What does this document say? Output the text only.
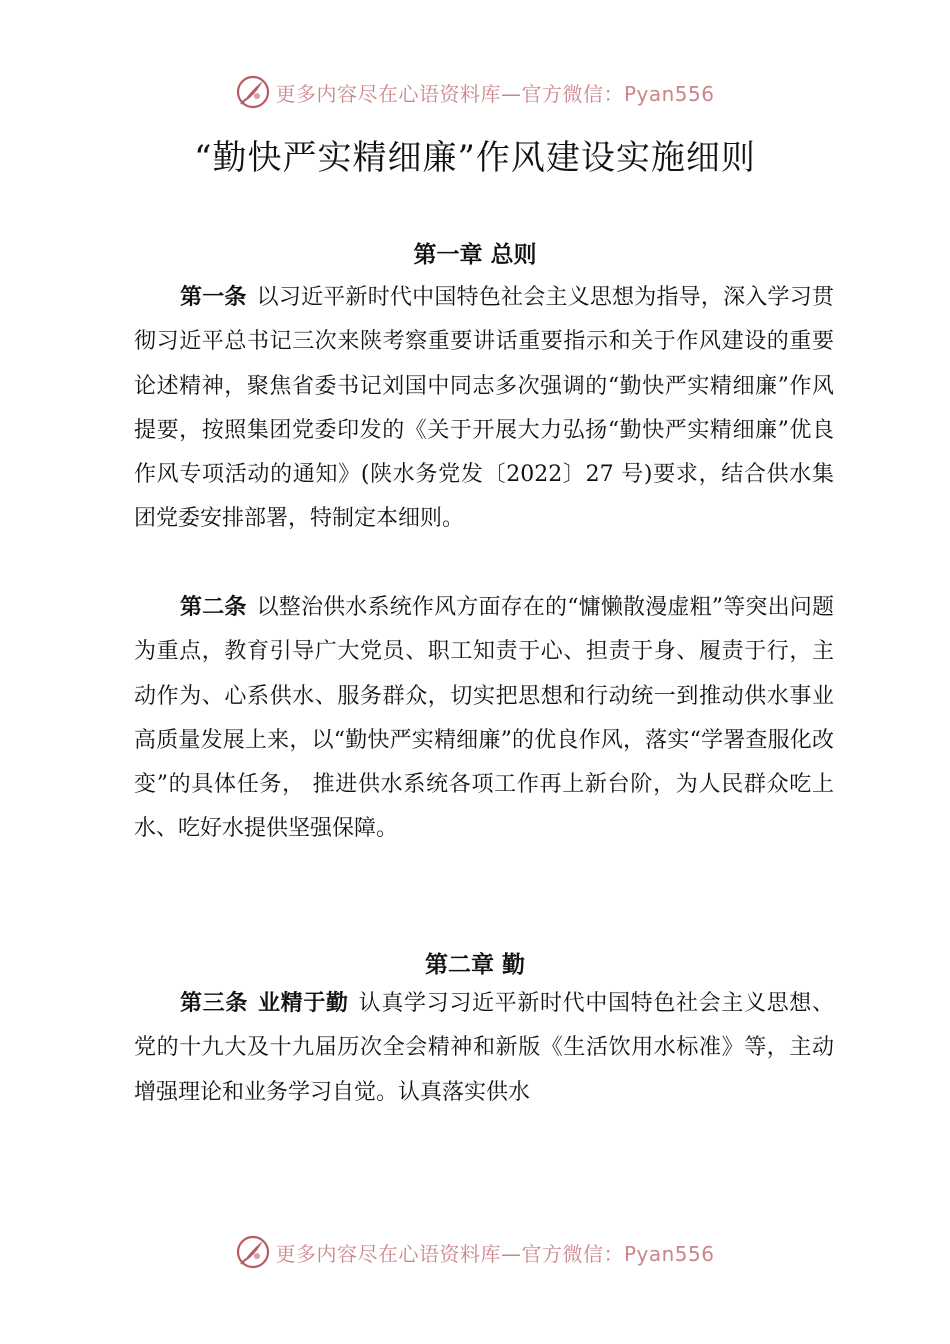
更多内容尽在心语资料库—官方微信：Pyan556
“勤快严实精细廉”作风建设实施细则
第一章 总则

第一条 以习近平新时代中国特色社会主义思想为指导，深入学习贯彻习近平总书记三次来陕考察重要讲话重要指示和关于作风建设的重要论述精神，聚焦省委书记刘国中同志多次强调的“勤快严实精细廉”作风提要，按照集团党委印发的《关于开展大力弘扬“勤快严实精细廉”优良作风专项活动的通知》(陕水务党发〔2022〕27 号)要求，结合供水集团党委安排部署，特制定本细则。

第二条 以整治供水系统作风方面存在的“慵懒散漫虚粗”等突出问题为重点，教育引导广大党员、职工知责于心、担责于身、履责于行，主动作为、心系供水、服务群众，切实把思想和行动统一到推动供水事业高质量发展上来，以“勤快严实精细廉”的优良作风，落实“学署查服化改变”的具体任务， 推进供水系统各项工作再上新台阶，为人民群众吃上水、吃好水提供坚强保障。

第二章 勤

第三条 业精于勤 认真学习习近平新时代中国特色社会主义思想、党的十九大及十九届历次全会精神和新版《生活饮用水标准》等，主动增强理论和业务学习自觉。认真落实供水

更多内容尽在心语资料库—官方微信：Pyan556
